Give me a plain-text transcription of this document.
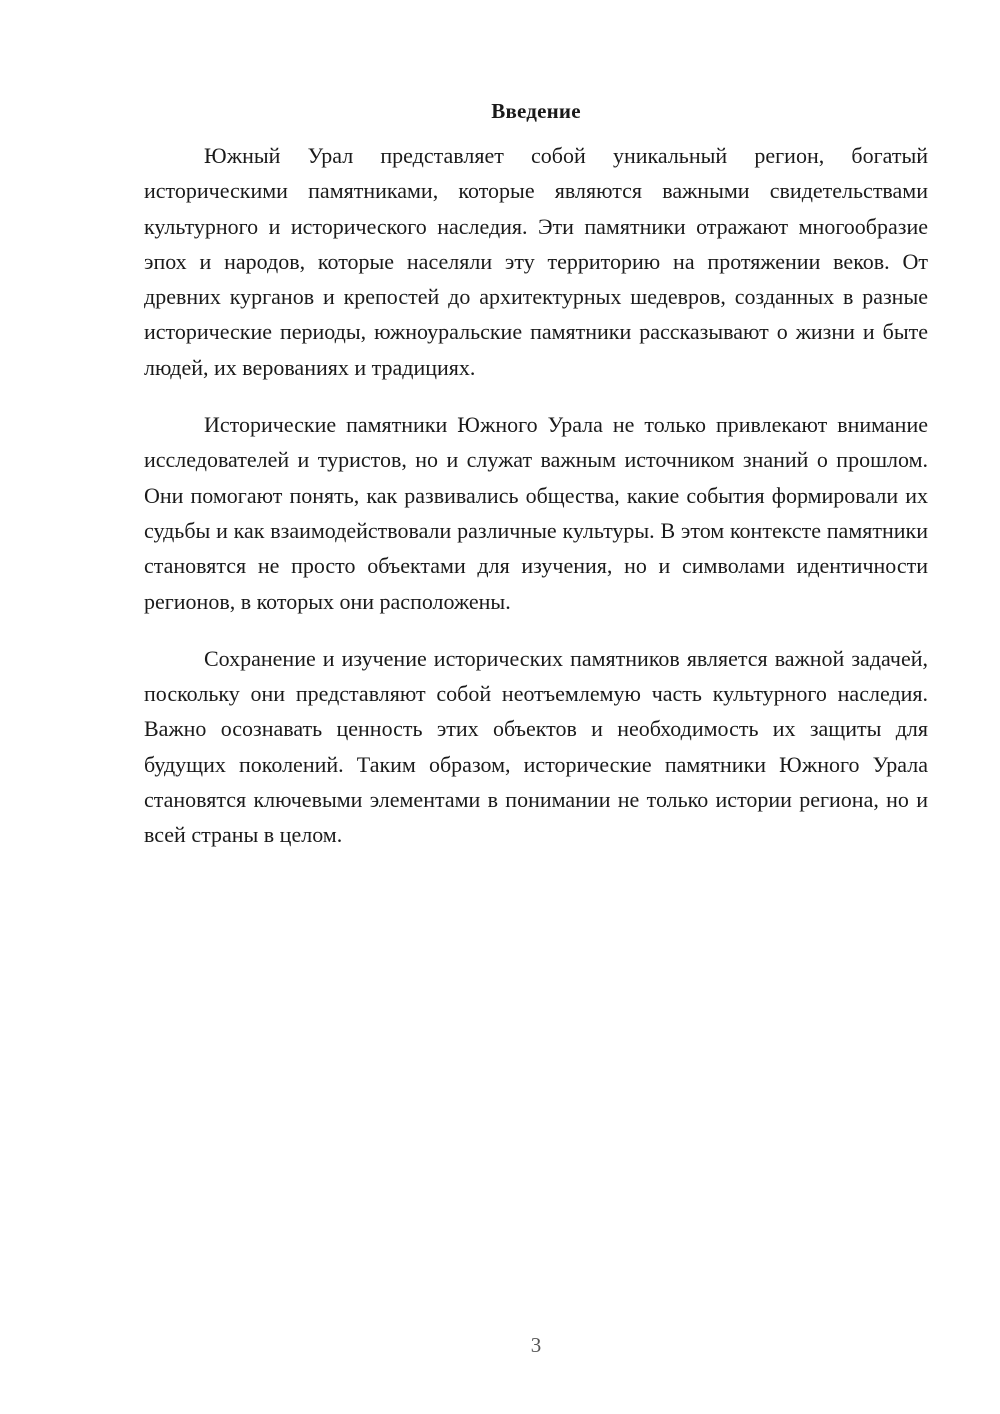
Введение

Южный Урал представляет собой уникальный регион, богатый историческими памятниками, которые являются важными свидетельствами культурного и исторического наследия. Эти памятники отражают многообразие эпох и народов, которые населяли эту территорию на протяжении веков. От древних курганов и крепостей до архитектурных шедевров, созданных в разные исторические периоды, южноуральские памятники рассказывают о жизни и быте людей, их верованиях и традициях.

Исторические памятники Южного Урала не только привлекают внимание исследователей и туристов, но и служат важным источником знаний о прошлом. Они помогают понять, как развивались общества, какие события формировали их судьбы и как взаимодействовали различные культуры. В этом контексте памятники становятся не просто объектами для изучения, но и символами идентичности регионов, в которых они расположены.

Сохранение и изучение исторических памятников является важной задачей, поскольку они представляют собой неотъемлемую часть культурного наследия. Важно осознавать ценность этих объектов и необходимость их защиты для будущих поколений. Таким образом, исторические памятники Южного Урала становятся ключевыми элементами в понимании не только истории региона, но и всей страны в целом.

3
